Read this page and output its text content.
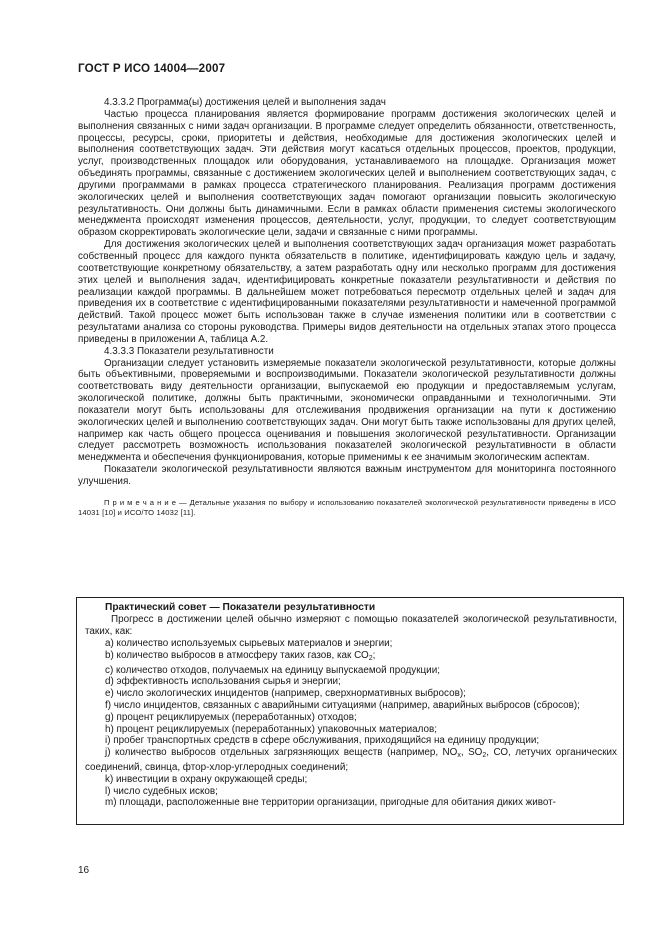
ГОСТ Р ИСО 14004—2007

4.3.3.2 Программа(ы) достижения целей и выполнения задач

Частью процесса планирования является формирование программ достижения экологических целей и выполнения связанных с ними задач организации. В программе следует определить обязанности, ответственность, процессы, ресурсы, сроки, приоритеты и действия, необходимые для достижения экологических целей и выполнения соответствующих задач. Эти действия могут касаться отдельных процессов, проектов, продукции, услуг, производственных площадок или оборудования, устанавливаемого на площадке. Организация может объединять программы, связанные с достижением экологических целей и выполнением соответствующих задач, с другими программами в рамках процесса стратегического планирования. Реализация программ достижения экологических целей и выполнения соответствующих задач помогают организации повысить экологическую результативность. Они должны быть динамичными. Если в рамках области применения системы экологического менеджмента происходят изменения процессов, деятельности, услуг, продукции, то следует соответствующим образом скорректировать экологические цели, задачи и связанные с ними программы.

Для достижения экологических целей и выполнения соответствующих задач организация может разработать собственный процесс для каждого пункта обязательств в политике, идентифицировать каждую цель и задачу, соответствующие конкретному обязательству, а затем разработать одну или несколько программ для достижения этих целей и выполнения задач, идентифицировать конкретные показатели результативности и действия по реализации каждой программы. В дальнейшем может потребоваться пересмотр отдельных целей и задач для приведения их в соответствие с идентифицированными показателями результативности и намеченной программой действий. Такой процесс может быть использован также в случае изменения политики или в соответствии с результатами анализа со стороны руководства. Примеры видов деятельности на отдельных этапах этого процесса приведены в приложении А, таблица А.2.

4.3.3.3 Показатели результативности

Организации следует установить измеряемые показатели экологической результативности, которые должны быть объективными, проверяемыми и воспроизводимыми. Показатели экологической результативности должны соответствовать виду деятельности организации, выпускаемой ею продукции и предоставляемым услугам, экологической политике, должны быть практичными, экономически оправданными и технологичными. Эти показатели могут быть использованы для отслеживания продвижения организации на пути к достижению экологических целей и выполнению соответствующих задач. Они могут быть также использованы для других целей, например как часть общего процесса оценивания и повышения экологической результативности. Организации следует рассмотреть возможность использования показателей экологической результативности в области менеджмента и обеспечения функционирования, которые применимы к ее значимым экологическим аспектам.

Показатели экологической результативности являются важным инструментом для мониторинга постоянного улучшения.

П р и м е ч а н и е — Детальные указания по выбору и использованию показателей экологической результативности приведены в ИСО 14031 [10] и ИСО/ТО 14032 [11].

Практический совет — Показатели результативности

Прогресс в достижении целей обычно измеряют с помощью показателей экологической результативности, таких, как:

а) количество используемых сырьевых материалов и энергии;

b) количество выбросов в атмосферу таких газов, как $СО_2$;

с) количество отходов, получаемых на единицу выпускаемой продукции;

d) эффективность использования сырья и энергии;

е) число экологических инцидентов (например, сверхнормативных выбросов);

f) число инцидентов, связанных с аварийными ситуациями (например, аварийных выбросов (сбросов);

g) процент рециклируемых (переработанных) отходов;

h) процент рециклируемых (переработанных) упаковочных материалов;

i) пробег транспортных средств в сфере обслуживания, приходящийся на единицу продукции;

j) количество выбросов отдельных загрязняющих веществ (например, $NO_х$, $SO_2$, СО, летучих органических соединений, свинца, фтор-хлор-углеродных соединений;

k) инвестиции в охрану окружающей среды;

l) число судебных исков;

m) площади, расположенные вне территории организации, пригодные для обитания диких живот-

16
